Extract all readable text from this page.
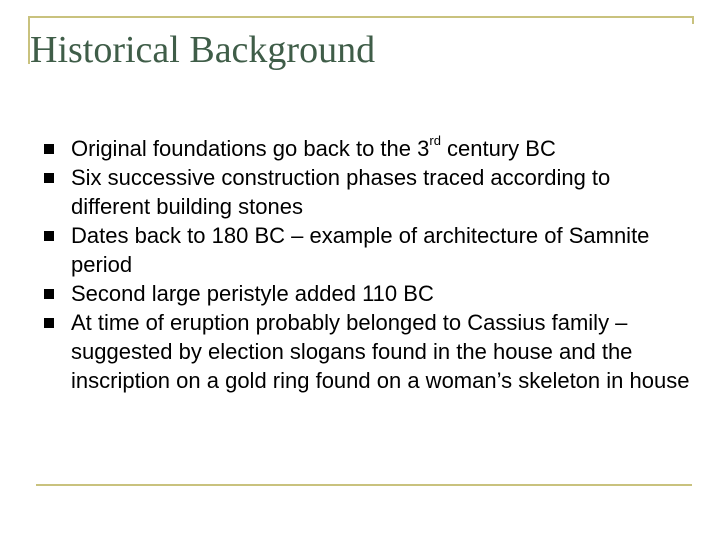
Historical Background
Original foundations go back to the 3rd century BC
Six successive construction phases traced according to different building stones
Dates back to 180 BC – example of architecture of Samnite period
Second large peristyle added 110 BC
At time of eruption probably belonged to Cassius family – suggested by election slogans found in the house and the inscription on a gold ring found on a woman’s skeleton in house
